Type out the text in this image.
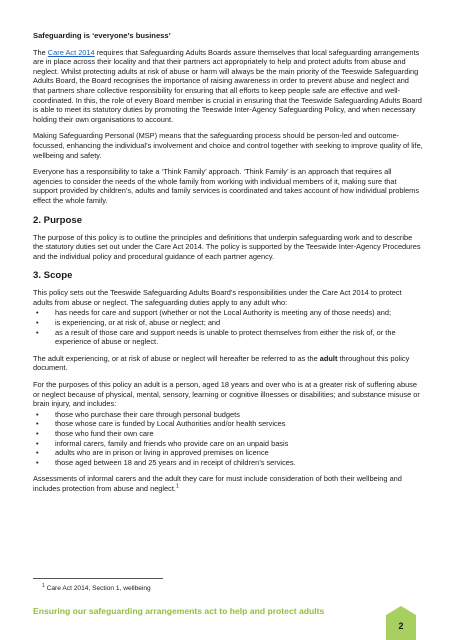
Safeguarding is ‘everyone’s business’

The Care Act 2014 requires that Safeguarding Adults Boards assure themselves that local safeguarding arrangements are in place across their locality and that their partners act appropriately to help and protect adults from abuse and neglect. Whilst protecting adults at risk of abuse or harm will always be the main priority of the Teeswide Safeguarding Adults Board, the Board recognises the importance of raising awareness in order to prevent abuse and neglect and that partners share collective responsibility for ensuring that all efforts to keep people safe are effective and well-coordinated. In this, the role of every Board member is crucial in ensuring that the Teeswide Safeguarding Adults Board is able to meet its statutory duties by promoting the Teeswide Inter-Agency Safeguarding Policy, and when necessary holding their own organisations to account.

Making Safeguarding Personal (MSP) means that the safeguarding process should be person-led and outcome-focussed, enhancing the individual’s involvement and choice and control together with seeking to improve quality of life, wellbeing and safety.

Everyone has a responsibility to take a ‘Think Family’ approach. ‘Think Family’ is an approach that requires all agencies to consider the needs of the whole family from working with individual members of it, making sure that support provided by children’s, adults and family services is coordinated and takes account of how individual problems effect the whole family.

2. Purpose

The purpose of this policy is to outline the principles and definitions that underpin safeguarding work and to describe the statutory duties set out under the Care Act 2014. The policy is supported by the Teeswide Inter-Agency Procedures and the individual policy and procedural guidance of each partner agency.

3. Scope

This policy sets out the Teeswide Safeguarding Adults Board’s responsibilities under the Care Act 2014 to protect adults from abuse or neglect. The safeguarding duties apply to any adult who:

• has needs for care and support (whether or not the Local Authority is meeting any of those needs) and;
• is experiencing, or at risk of, abuse or neglect; and
• as a result of those care and support needs is unable to protect themselves from either the risk of, or the experience of abuse or neglect.

The adult experiencing, or at risk of abuse or neglect will hereafter be referred to as the adult throughout this policy document.

For the purposes of this policy an adult is a person, aged 18 years and over who is at a greater risk of suffering abuse or neglect because of physical, mental, sensory, learning or cognitive illnesses or disabilities; and substance misuse or brain injury, and includes:

• those who purchase their care through personal budgets
• those whose care is funded by Local Authorities and/or health services
• those who fund their own care
• informal carers, family and friends who provide care on an unpaid basis
• adults who are in prison or living in approved premises on licence
• those aged between 18 and 25 years and in receipt of children’s services.

Assessments of informal carers and the adult they care for must include consideration of both their wellbeing and includes protection from abuse and neglect.$^1$

$^1$ Care Act 2014, Section 1, wellbeing
Ensuring our safeguarding arrangements act to help and protect adults
2
